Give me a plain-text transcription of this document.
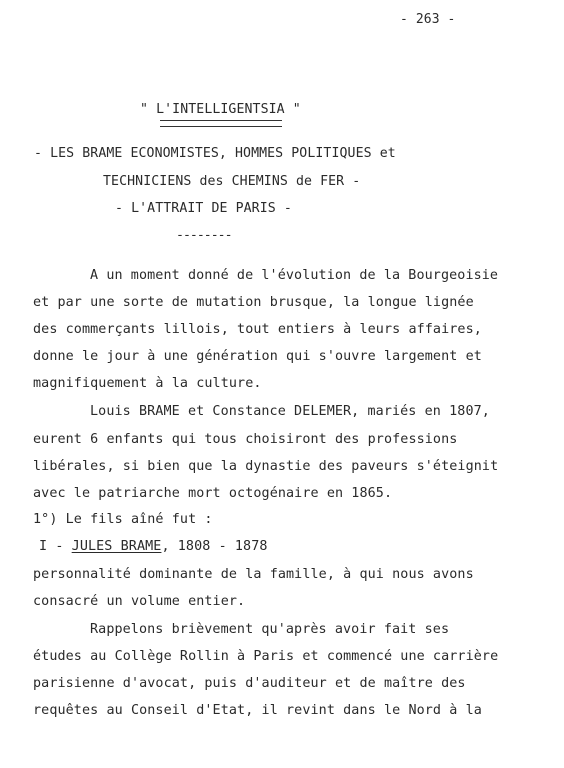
- 263 -
" L'INTELLIGENTSIA "
- LES BRAME ECONOMISTES, HOMMES POLITIQUES et
TECHNICIENS des CHEMINS de FER -
- L'ATTRAIT DE PARIS -
--------
A un moment donné de l'évolution de la Bourgeoisie
et par une sorte de mutation brusque, la longue lignée
des commerçants lillois, tout entiers à leurs affaires,
donne le jour à une génération qui s'ouvre largement et
magnifiquement à la culture.
Louis BRAME et Constance DELEMER, mariés en 1807,
eurent 6 enfants qui tous choisiront des professions
libérales, si bien que la dynastie des paveurs s'éteignit
avec le patriarche mort octogénaire en 1865.
1°) Le fils aîné fut :
I - JULES BRAME, 1808 - 1878
personnalité dominante de la famille, à qui nous avons
consacré un volume entier.
Rappelons brièvement qu'après avoir fait ses
études au Collège Rollin à Paris et commencé une carrière
parisienne d'avocat, puis d'auditeur et de maître des
requêtes au Conseil d'Etat, il revint dans le Nord à la
